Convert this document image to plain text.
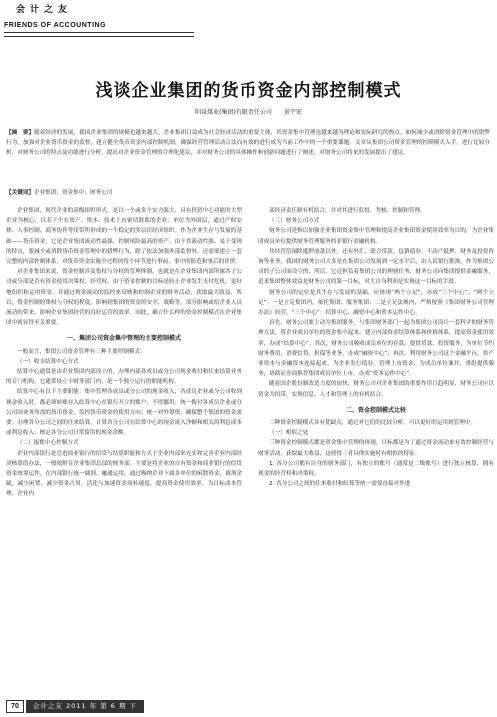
会计之友
FRIENDS OF ACCOUNTING
浅谈企业集团的货币资金内部控制模式
阳泉煤业(集团)有限责任公司　　景宇宏
【摘　要】随着经济的发展，我国企业集团的规模也越来越大，企业集团日益成为社会经济活动的重要主体，其资金集中管理也越来越为理论和实际研究的热点。如何减少或消除资金管理中的错弊行为，加强对企业货币资金的监督，建立健全货币资金内部控制机制，确保经营管理活动合法而有效的进行成为当前工作中的一个重要课题。文章从集团公司资金管理的控制模式入手，进行比较分析，对财务公司的特点及功能进行分析，提出对企业资金管理的合理化建议，并对财务公司的具体操作和创新问题进行了阐述，对财务公司将来的发展提出了建议。
【关键词】企业集团；资金集中；财务公司

企业集团，现代企业的高级组织形式，是以一个或多个实力强大、具有投资中心功能的大型企业为核心，以若干个在资产、资本、技术上有密切联系的企业、单位为外围层，通过产权安排、人事控制、商务协作等纽带所形成的一个稳定的多层次经济组织。作为企业生存与发展的基础——货币资金，它是企业集团流动性最强、控制风险最高的资产。由于其流动性强、易于变现的特点，要减少或消除货币资金管理中的错弊行为，除了依法加强外部监督外，还需要建立一套完整的内部控制体系，对货币资金实施全过程的每个环节进行事前、事中的防范和事后的评价。

对企业集团来说，资金控制涉及集权与分权的管理体制，也就是在企业集团内部所属各子公司或分部是否有资金使用决策权、经营权。由于资金控制的目标是防止企业发生支付危机，更好地组织和运用资金，并通过现金流动的监控来反映和控制企业的财务活动，获取最大收益，所以，资金控制的集权与分权的程度，影响到集团的资金的安全、战略等，部分影响或给企业人员流动的带来，影响企业集团经营的良好运营的效率。因此，确立什么样的资金控制模式在企业集团中就显得至关重要。

一、集团公司资金集中管理的主要控制模式

一般而言，集团公司资金管理有三种主要控制模式：

（一）收支结算中心方式

结算中心通常是由企业集团内部设立的，办理内部各成员或分公司现金收付和往来结算业务的专门机构。它通常设立于财务部门内，是一个独立运行的职能机构。

结算中心有以下主要职能：集中管理各成员或分公司的现金收入，各成员企业或分公司收到现金收入时，都必须转账存入结算中心在银行开立的账户，不得挪用；统一拨付各成员企业或分公司因业务所需的货币资金，监控货币资金的使用方向；统一对外筹资，确保整个集团的资金需要；办理各分公司之间的往来结算，计算各分公司在结算中心的现金流入净额和相关的利息成本或利息收入；核定各分公司日常留用的现金余额。

（二）报账中心控制方式

企业内部银行是引进商业银行的信贷与结算职能和方式于企业内部来充实和完善企业内部经济核算的办法，一般依附在企业集团总部的财务部。主要是将企业的自有资金和商业银行的信贷资金统筹运作，在内部银行统一调剂、融通运用，通过吸纳企业下属各单位的闲散资金，调剂余缺，减少闲置，减少资金占用，活化与加速资金周转速度，提高资金使用效率，为目标成本管理、企业内

部经济责任制有机结合，并对其进行监督、考核、控制和管理。

（三）财务公司方式

财务公司是指以加强企业集团资金集中管理和提高企业集团资金使用效率为目的，为企业集团成员单位提供财务管理服务的非银行金融机构。

其经营范围除抵押放款以外，还有外汇、联合贷款、包销债券、不动产抵押、财务及投资咨询等业务。我国的财务公司大多是在集团公司发展到一定水平后，由人民银行批准，作为集团公司的子公司而设立的，所以，它还担负着集团公司的理财任务，财务公司向集团提供金融服务，追求集团整体效益是财务公司的第一目标，对大自身利润是实现这一目标的手段。

财务公司的定位是其生存与发展的基础，应体现“两个立足”，办成“三个中心”。“两个立足”：一是立足集团内，依托集团、服务集团；二是立足法规内，严格按照《集团财务公司管理办法》经营。“三个中心”：结算中心、融资中心和资本运作中心。

首先，财务公司要主动为集团服务，与集团财务部门一起为集团公司设计一套科学的财务管理方法，将企业成员单位的资金集中起来，建立内部资金结算体系和价格体系，提高资金使用效率，办成“结算中心”；其次，财务公司吸收成员单位的存款，提供贷款、投资服务，为单位节约财务费用，消费信贷、担保等业务，办成“融资中心”；再次，利用财务公司这个金融平台，将产业资本与金融资本连接起来，为企业发行债券，管理上市资金，为成员单位兼并、重组提供服务，协助证券商推荐集团成员单位上市，办成“资本运作中心”。

随着国企股份制改造力度的加快，财务公司对企业集团的重要作用日趋明显，财务公司应以资金为纽带，实现信息、人才和管理上的有机结合。

二、资金控制模式比较

三种资金控制模式各有优缺点，通过对它们的比较分析，可以更好的运用到管理中。

（一）相似之处

三种资金控制模式都是资金集中管理的体现，目标都是为了通过资金流动来有效控制经营与财务活动，获取最大收益，这使得三者具体实施时有相似的特征：

1. 各分公司都有自身的财务部门，有独立的账号（通常是二级账号）进行独立核算，拥有现金的经营权和决策权。

2. 各分公司之间的往来收付和结算等统一需要直接对外进

70	会计之友 2011 年 第 6 期 下
